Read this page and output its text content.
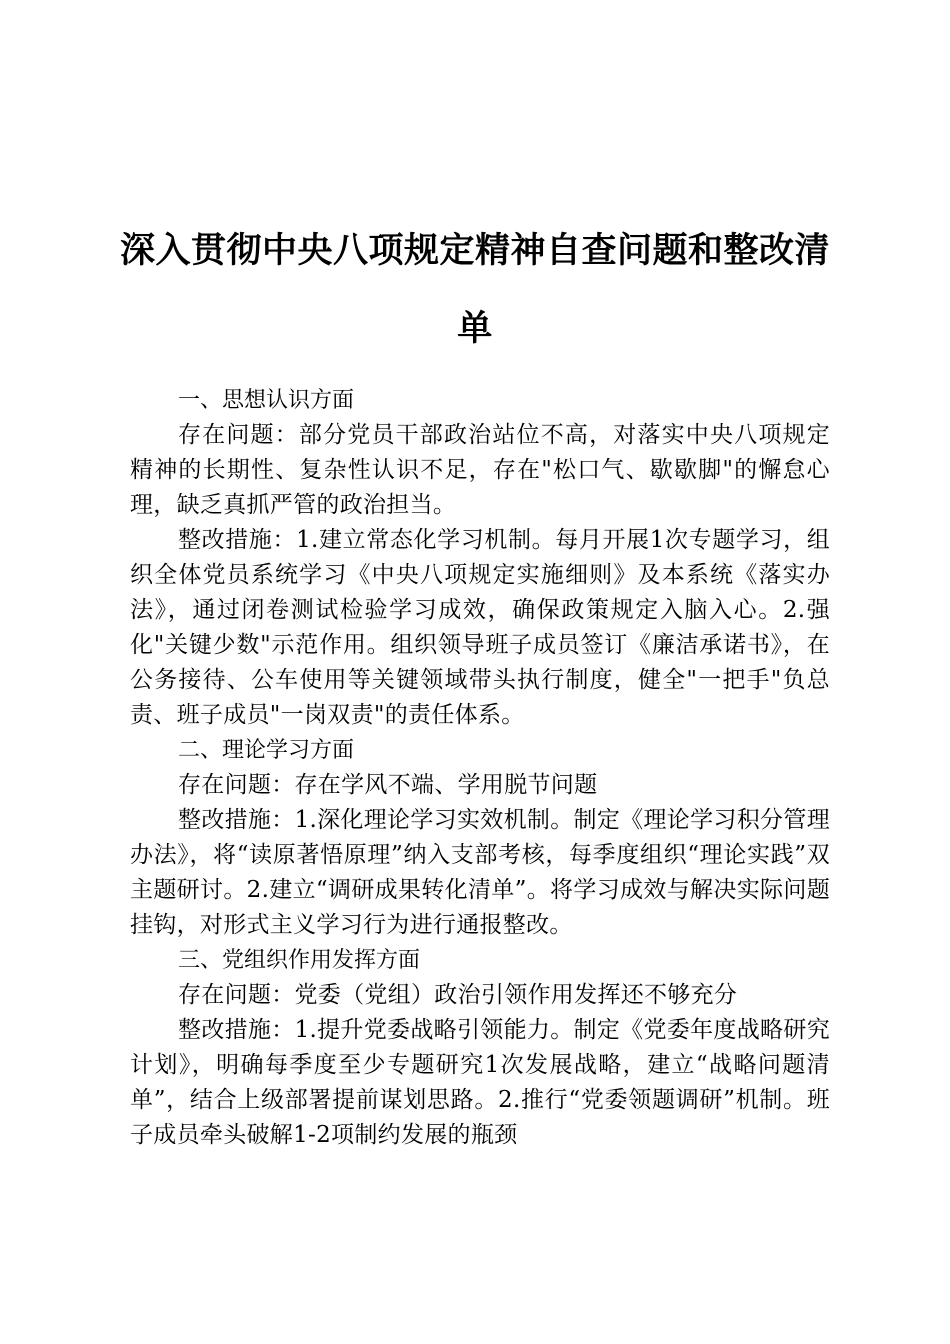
深入贯彻中央八项规定精神自查问题和整改清单

一、思想认识方面

存在问题：部分党员干部政治站位不高，对落实中央八项规定精神的长期性、复杂性认识不足，存在"松口气、歇歇脚"的懈怠心理，缺乏真抓严管的政治担当。

整改措施：1.建立常态化学习机制。每月开展1次专题学习，组织全体党员系统学习《中央八项规定实施细则》及本系统《落实办法》，通过闭卷测试检验学习成效，确保政策规定入脑入心。2.强化"关键少数"示范作用。组织领导班子成员签订《廉洁承诺书》，在公务接待、公车使用等关键领域带头执行制度，健全"一把手"负总责、班子成员"一岗双责"的责任体系。

二、理论学习方面

存在问题：存在学风不端、学用脱节问题

整改措施：1.深化理论学习实效机制。制定《理论学习积分管理办法》，将“读原著悟原理”纳入支部考核，每季度组织“理论实践”双主题研讨。2.建立“调研成果转化清单”。将学习成效与解决实际问题挂钩，对形式主义学习行为进行通报整改。

三、党组织作用发挥方面

存在问题：党委（党组）政治引领作用发挥还不够充分

整改措施：1.提升党委战略引领能力。制定《党委年度战略研究计划》，明确每季度至少专题研究1次发展战略，建立“战略问题清单”，结合上级部署提前谋划思路。2.推行“党委领题调研”机制。班子成员牵头破解1-2项制约发展的瓶颈
